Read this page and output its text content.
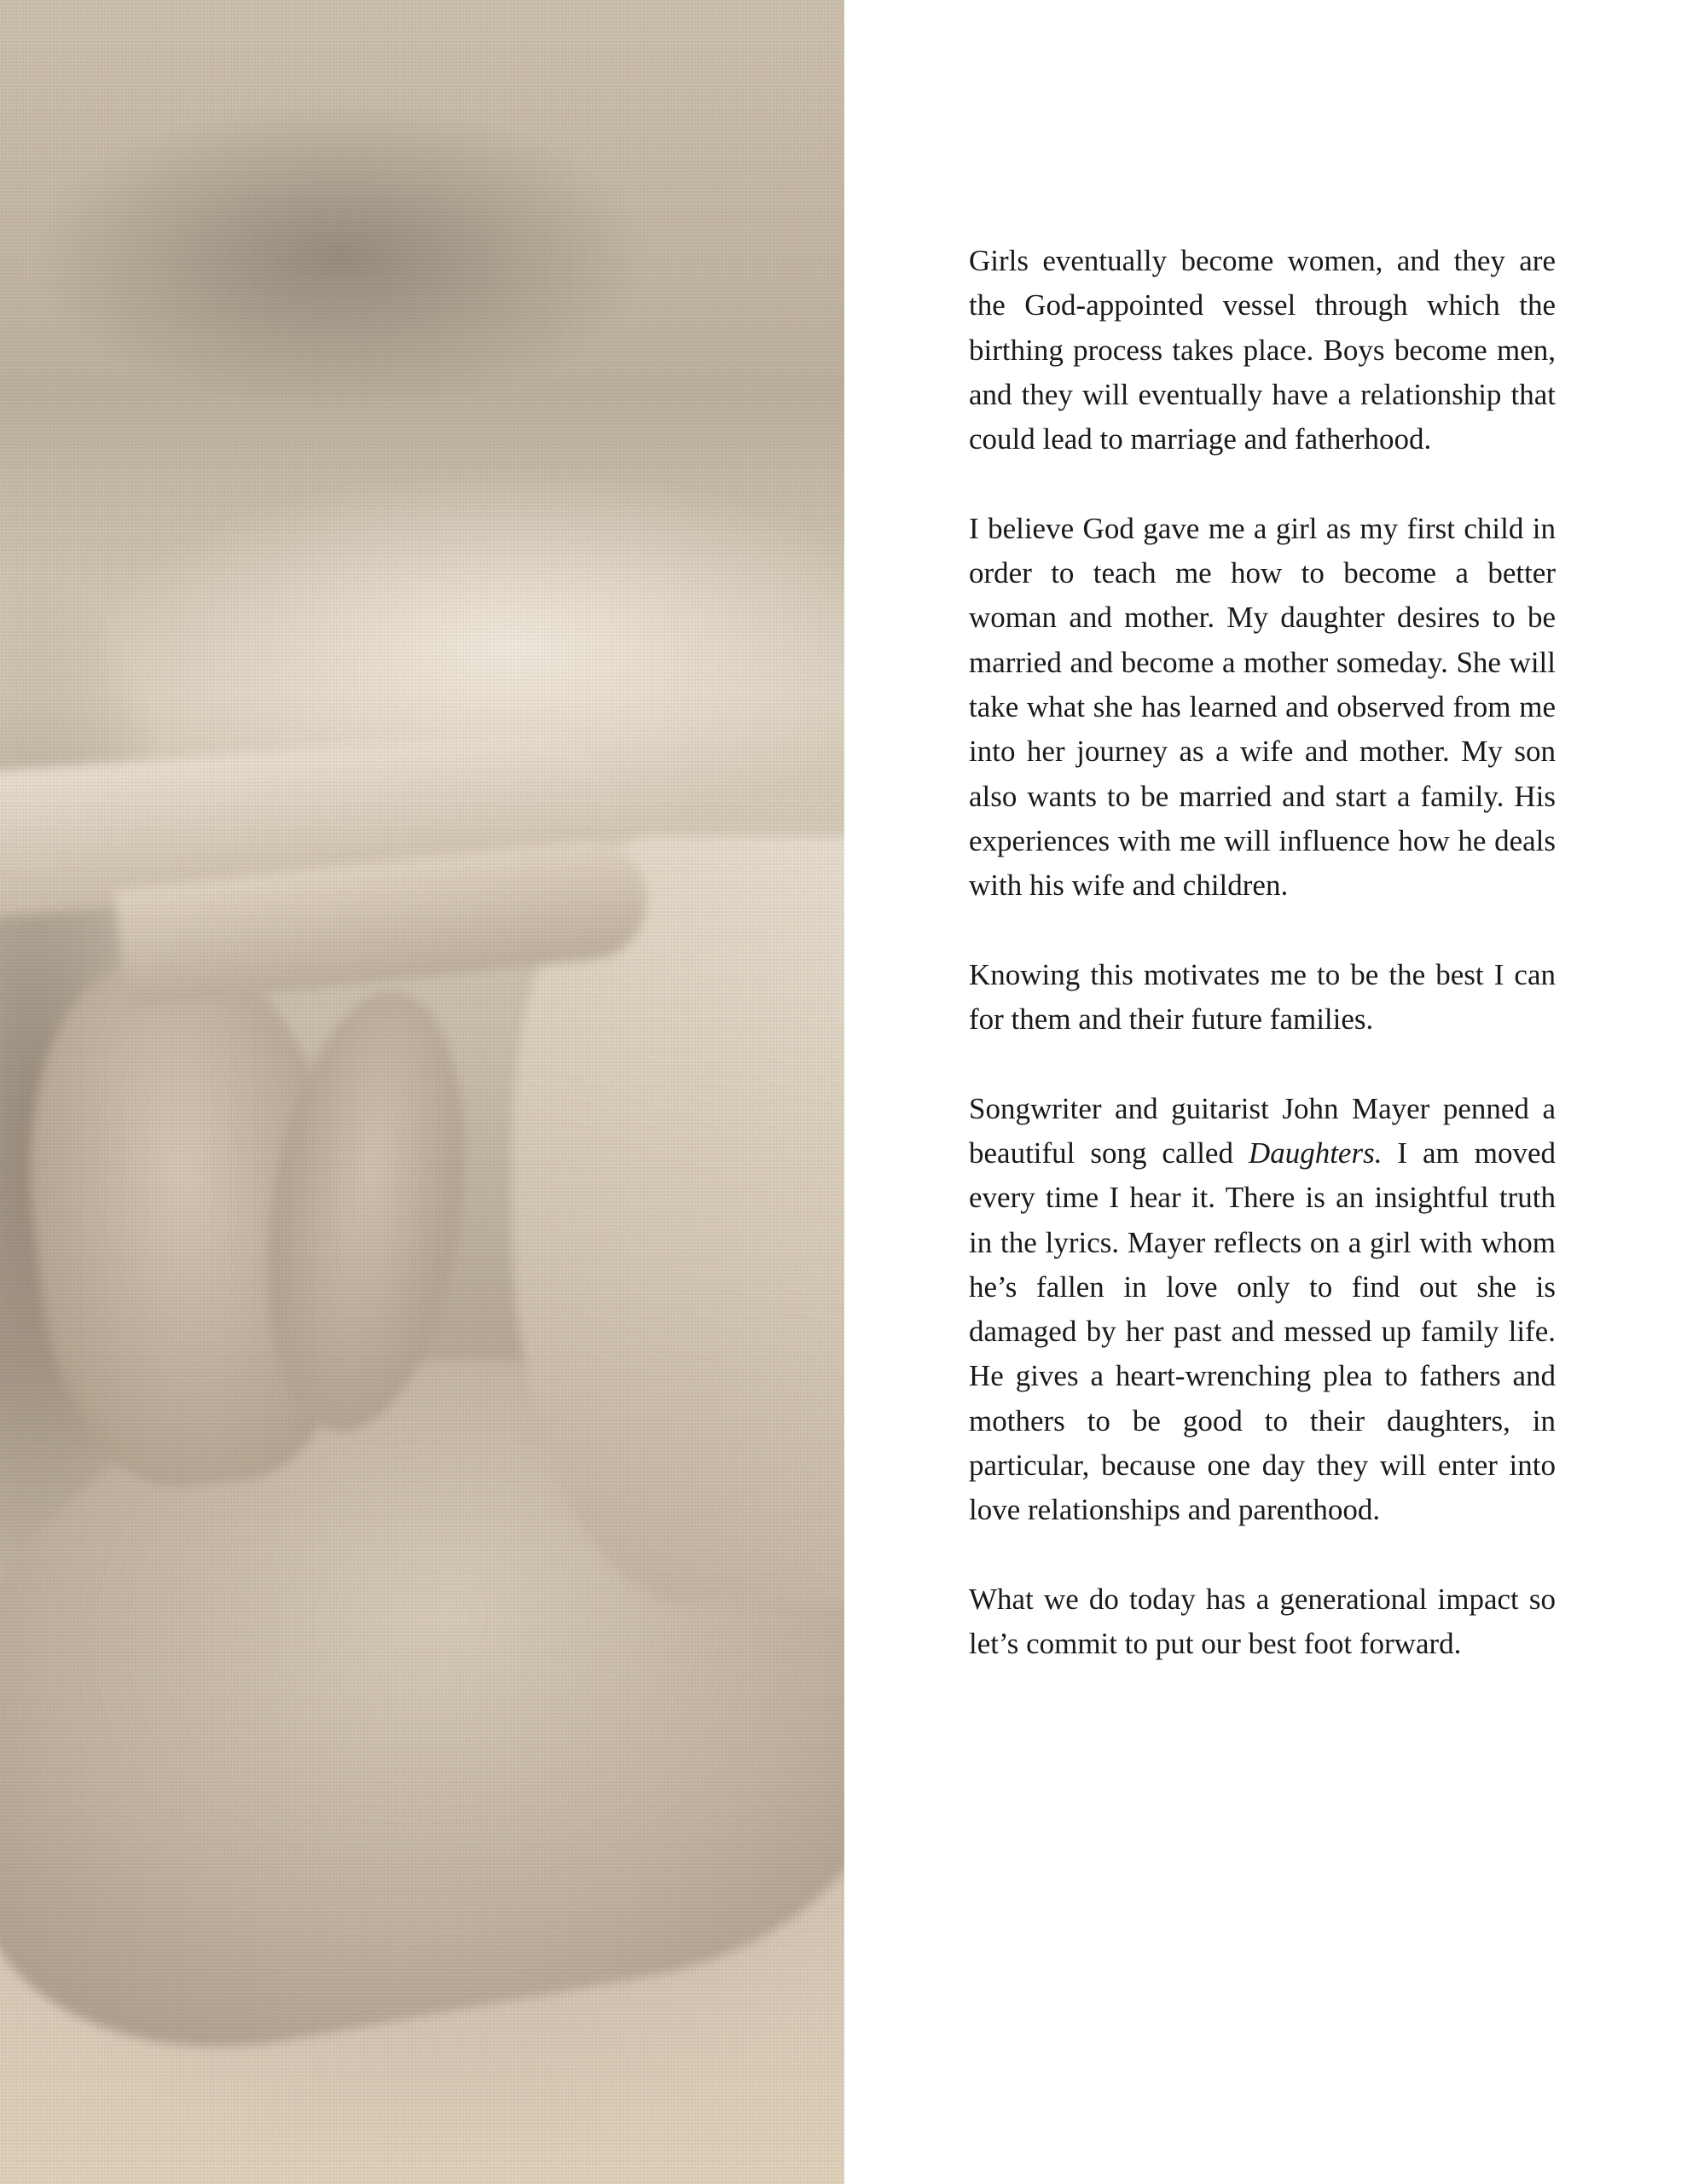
Girls eventually become women, and they are the God-appointed vessel through which the birthing process takes place. Boys become men, and they will eventually have a relationship that could lead to marriage and fatherhood.

I believe God gave me a girl as my first child in order to teach me how to become a better woman and mother. My daughter desires to be married and become a mother someday. She will take what she has learned and observed from me into her journey as a wife and mother. My son also wants to be married and start a family. His experiences with me will influence how he deals with his wife and children.

Knowing this motivates me to be the best I can for them and their future families.

Songwriter and guitarist John Mayer penned a beautiful song called Daughters. I am moved every time I hear it. There is an insightful truth in the lyrics. Mayer reflects on a girl with whom he’s fallen in love only to find out she is damaged by her past and messed up family life. He gives a heart-wrenching plea to fathers and mothers to be good to their daughters, in particular, because one day they will enter into love relationships and parenthood.

What we do today has a generational impact so let’s commit to put our best foot forward.
